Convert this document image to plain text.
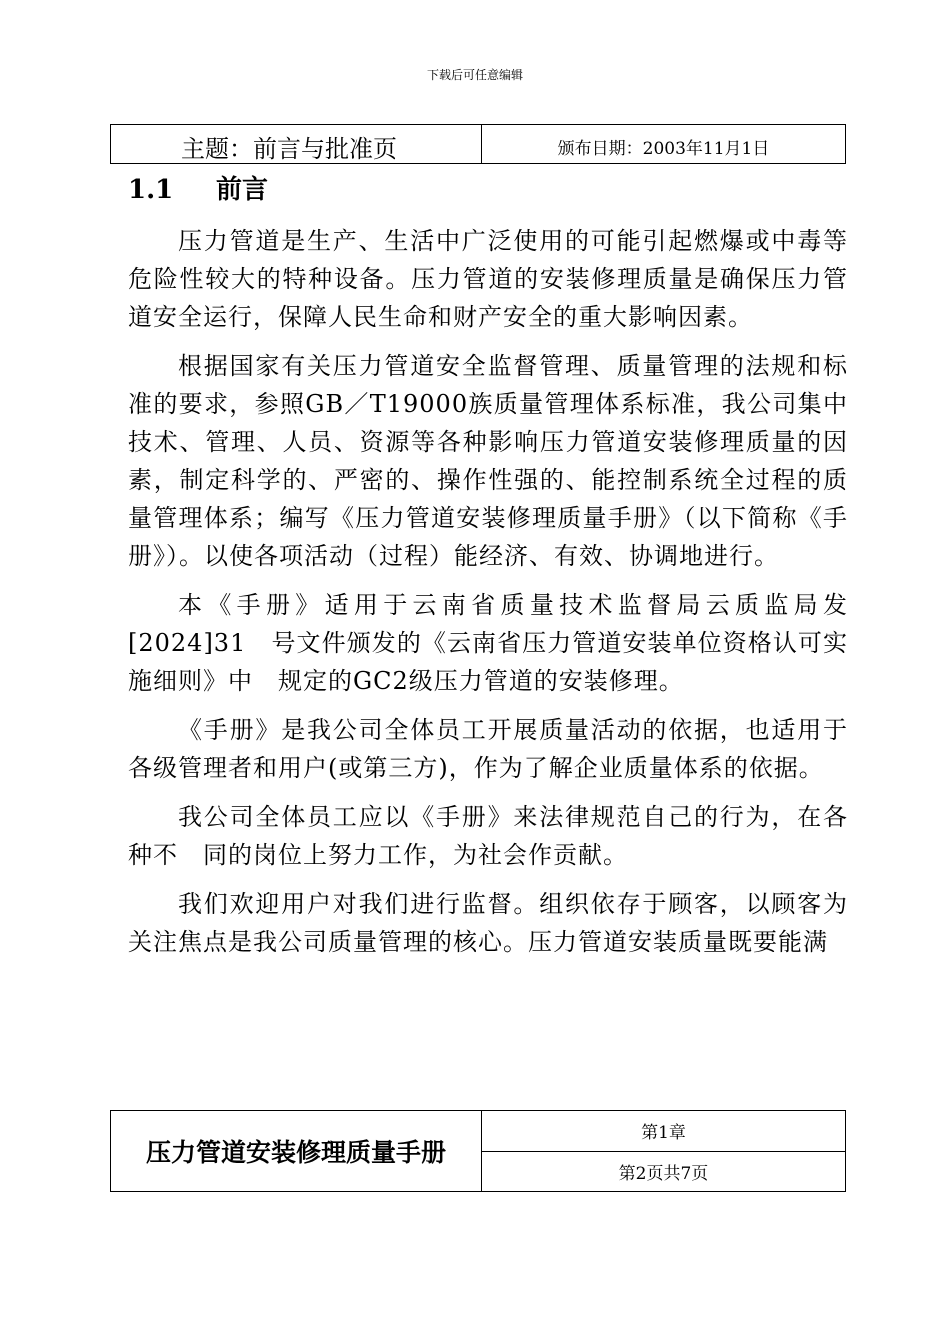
下载后可任意编辑
主题：前言与批准页	颁布日期：2003年11月1日
1.1 前言

压力管道是生产、生活中广泛使用的可能引起燃爆或中毒等危险性较大的特种设备。压力管道的安装修理质量是确保压力管道安全运行，保障人民生命和财产安全的重大影响因素。

根据国家有关压力管道安全监督管理、质量管理的法规和标准的要求，参照GB／T19000族质量管理体系标准，我公司集中技术、管理、人员、资源等各种影响压力管道安装修理质量的因素，制定科学的、严密的、操作性强的、能控制系统全过程的质量管理体系；编写《压力管道安装修理质量手册》（以下简称《手册》）。以使各项活动（过程）能经济、有效、协调地进行。

本《手册》适用于云南省质量技术监督局云质监局发[2024]31　号文件颁发的《云南省压力管道安装单位资格认可实施细则》中　规定的GC2级压力管道的安装修理。

《手册》是我公司全体员工开展质量活动的依据，也适用于各级管理者和用户(或第三方)，作为了解企业质量体系的依据。

我公司全体员工应以《手册》来法律规范自己的行为，在各种不　同的岗位上努力工作，为社会作贡献。

我们欢迎用户对我们进行监督。组织依存于顾客，以顾客为关注焦点是我公司质量管理的核心。压力管道安装质量既要能满

压力管道安装修理质量手册
第1章
第2页共7页
